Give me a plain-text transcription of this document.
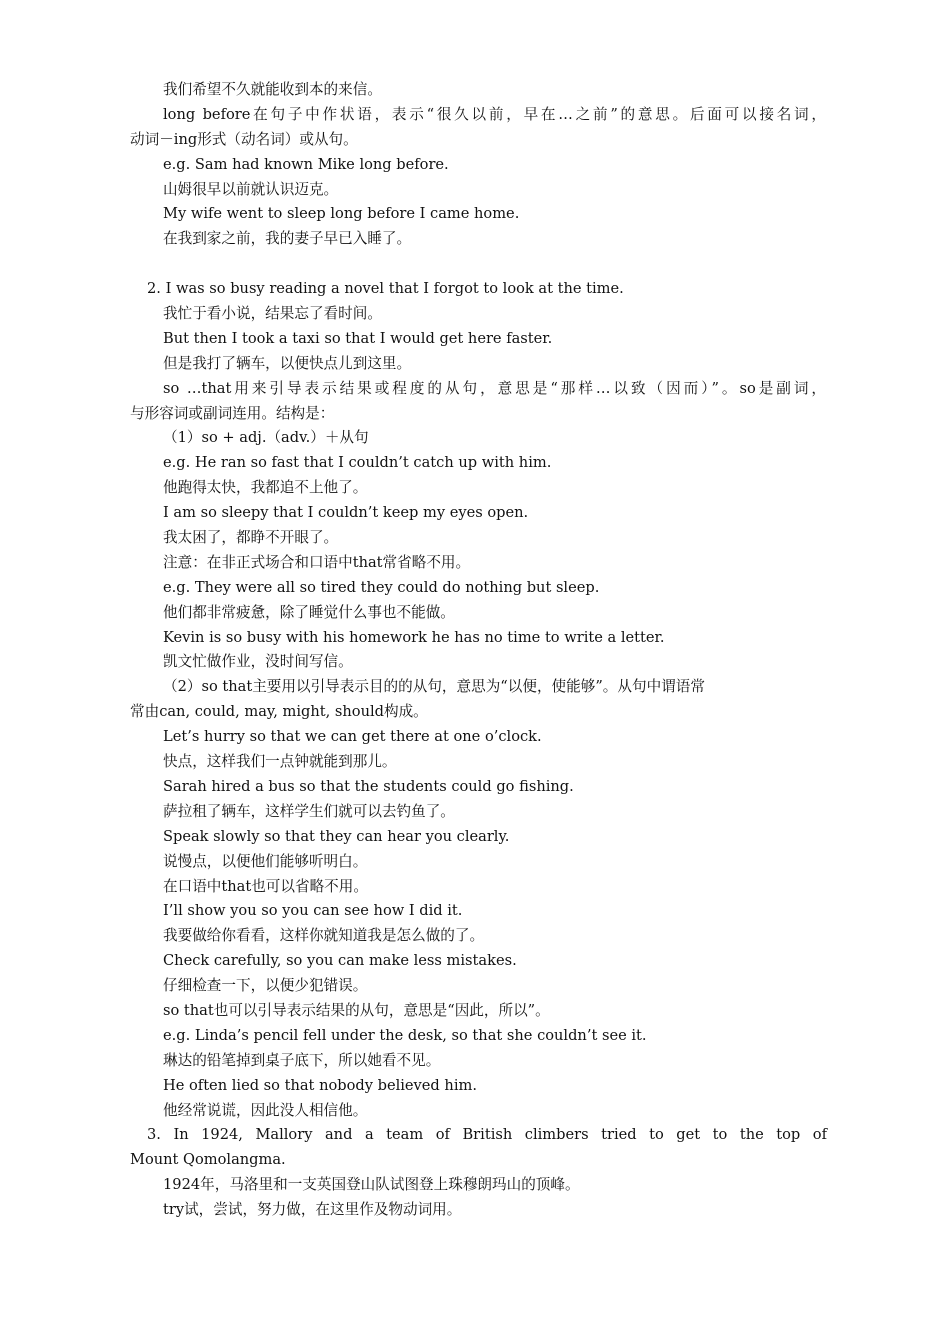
我们希望不久就能收到本的来信。
long before在句子中作状语，表示“很久以前，早在…之前”的意思。后面可以接名词，
动词－ing形式（动名词）或从句。
e.g. Sam had known Mike long before.
山姆很早以前就认识迈克。
My wife went to sleep long before I came home.
在我到家之前，我的妻子早已入睡了。
2. I was so busy reading a novel that I forgot to look at the time.
我忙于看小说，结果忘了看时间。
But then I took a taxi so that I would get here faster.
但是我打了辆车，以便快点儿到这里。
so …that用来引导表示结果或程度的从句，意思是“那样…以致（因而）”。so是副词，
与形容词或副词连用。结构是：
（1）so + adj.（adv.）＋从句
e.g. He ran so fast that I couldn’t catch up with him.
他跑得太快，我都追不上他了。
I am so sleepy that I couldn’t keep my eyes open.
我太困了，都睁不开眼了。
注意：在非正式场合和口语中that常省略不用。
e.g. They were all so tired they could do nothing but sleep.
他们都非常疲惫，除了睡觉什么事也不能做。
Kevin is so busy with his homework he has no time to write a letter.
凯文忙做作业，没时间写信。
（2）so that主要用以引导表示目的的从句，意思为“以便，使能够”。从句中谓语常
常由can, could, may, might, should构成。
Let’s hurry so that we can get there at one o’clock.
快点，这样我们一点钟就能到那儿。
Sarah hired a bus so that the students could go fishing.
萨拉租了辆车，这样学生们就可以去钓鱼了。
Speak slowly so that they can hear you clearly.
说慢点，以便他们能够听明白。
在口语中that也可以省略不用。
I’ll show you so you can see how I did it.
我要做给你看看，这样你就知道我是怎么做的了。
Check carefully, so you can make less mistakes.
仔细检查一下，以便少犯错误。
so that也可以引导表示结果的从句，意思是“因此，所以”。
e.g. Linda’s pencil fell under the desk, so that she couldn’t see it.
琳达的铅笔掉到桌子底下，所以她看不见。
He often lied so that nobody believed him.
他经常说谎，因此没人相信他。
3. In 1924, Mallory and a team of British climbers tried to get to the top of
Mount Qomolangma.
1924年，马洛里和一支英国登山队试图登上珠穆朗玛山的顶峰。
try试，尝试，努力做，在这里作及物动词用。
